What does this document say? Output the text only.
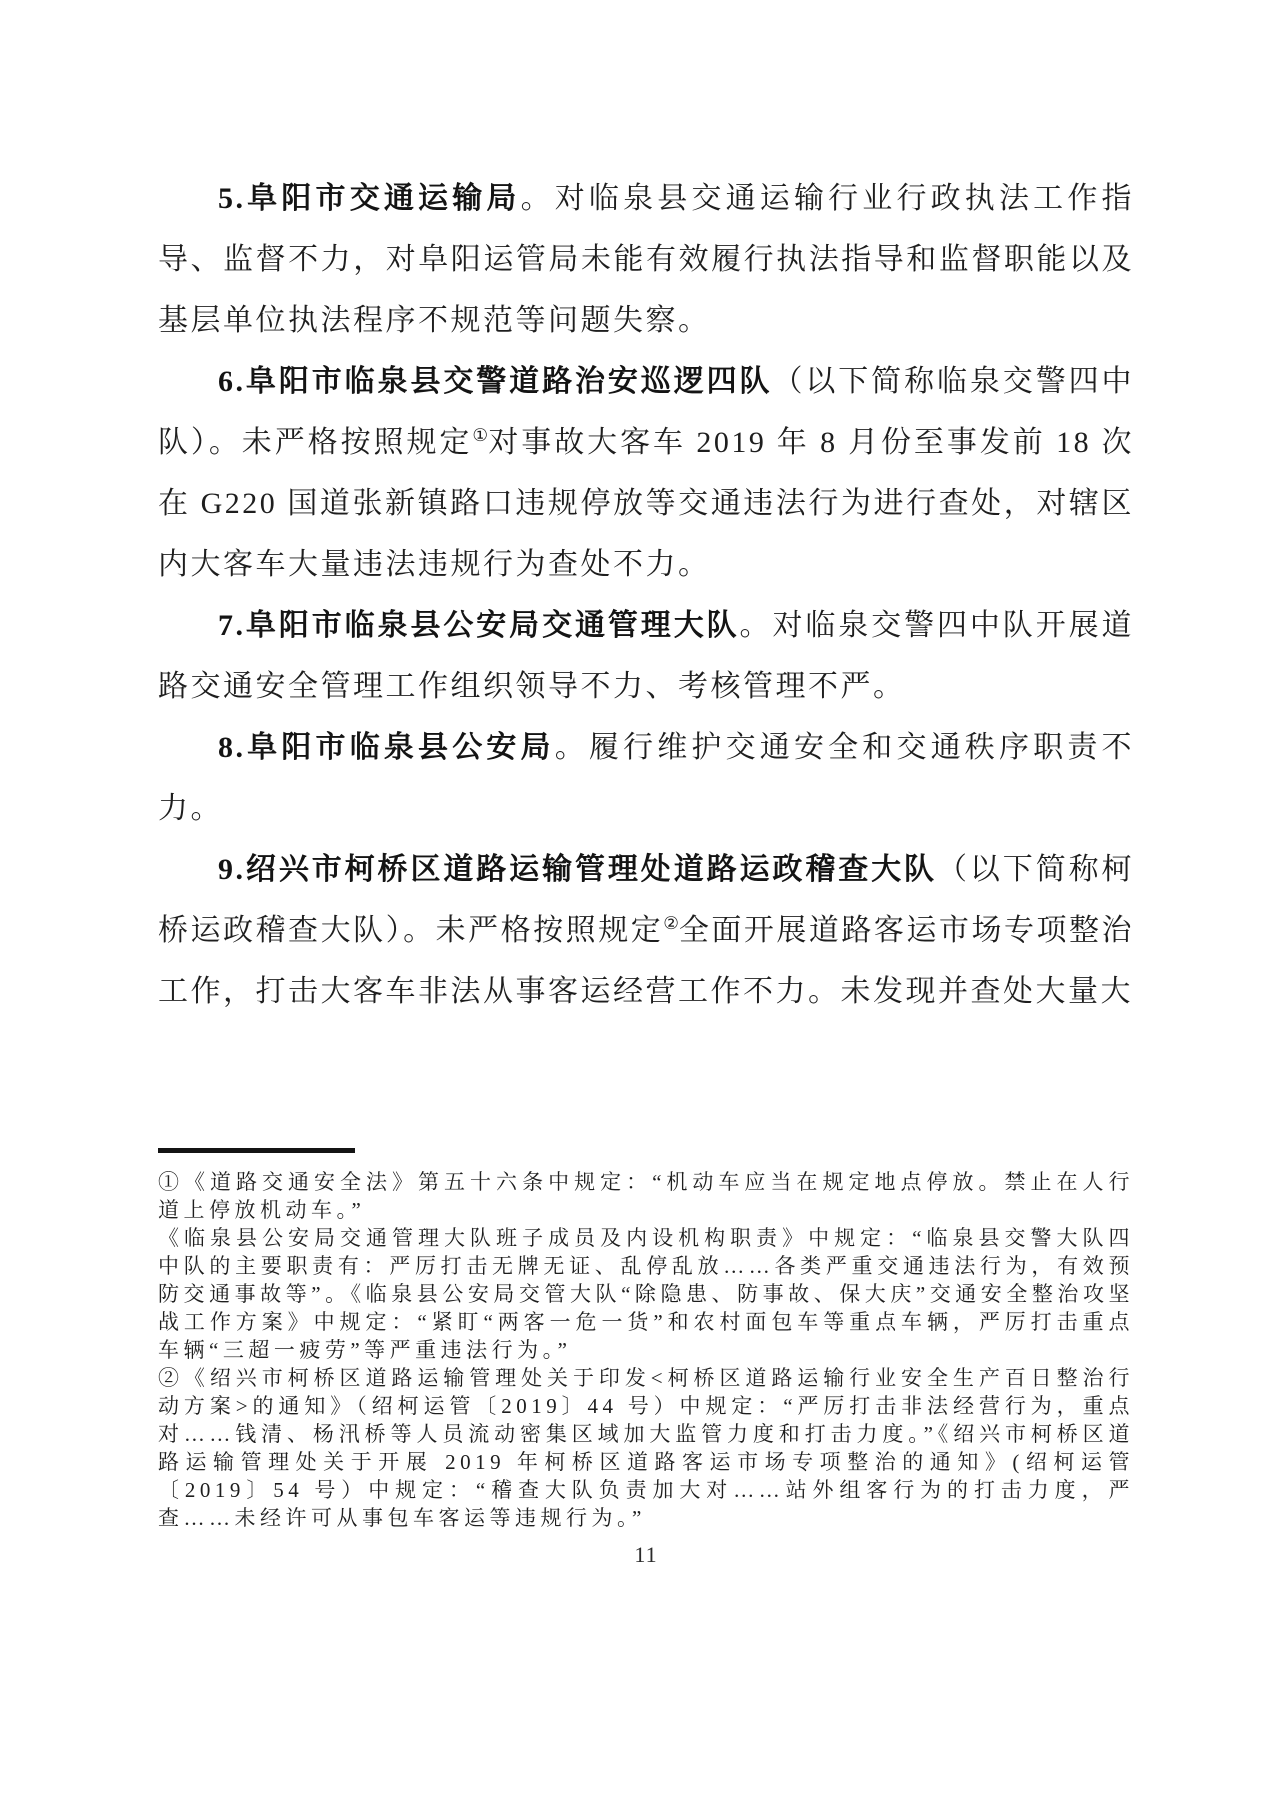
5.阜阳市交通运输局。对临泉县交通运输行业行政执法工作指导、监督不力，对阜阳运管局未能有效履行执法指导和监督职能以及基层单位执法程序不规范等问题失察。

6.阜阳市临泉县交警道路治安巡逻四队（以下简称临泉交警四中队）。未严格按照规定①对事故大客车 2019 年 8 月份至事发前 18 次在 G220 国道张新镇路口违规停放等交通违法行为进行查处，对辖区内大客车大量违法违规行为查处不力。

7.阜阳市临泉县公安局交通管理大队。对临泉交警四中队开展道路交通安全管理工作组织领导不力、考核管理不严。

8.阜阳市临泉县公安局。履行维护交通安全和交通秩序职责不力。

9.绍兴市柯桥区道路运输管理处道路运政稽查大队（以下简称柯桥运政稽查大队）。未严格按照规定②全面开展道路客运市场专项整治工作，打击大客车非法从事客运经营工作不力。未发现并查处大量大

①《道路交通安全法》第五十六条中规定：“机动车应当在规定地点停放。禁止在人行道上停放机动车。”

《临泉县公安局交通管理大队班子成员及内设机构职责》中规定：“临泉县交警大队四中队的主要职责有：严厉打击无牌无证、乱停乱放……各类严重交通违法行为，有效预防交通事故等”。《临泉县公安局交管大队“除隐患、防事故、保大庆”交通安全整治攻坚战工作方案》中规定：“紧盯“两客一危一货”和农村面包车等重点车辆，严厉打击重点车辆“三超一疲劳”等严重违法行为。”

②《绍兴市柯桥区道路运输管理处关于印发<柯桥区道路运输行业安全生产百日整治行动方案>的通知》（绍柯运管〔2019〕44 号）中规定：“严厉打击非法经营行为，重点对……钱清、杨汛桥等人员流动密集区域加大监管力度和打击力度。”《绍兴市柯桥区道路运输管理处关于开展 2019 年柯桥区道路客运市场专项整治的通知》(绍柯运管〔2019〕54 号）中规定：“稽查大队负责加大对……站外组客行为的打击力度，严查……未经许可从事包车客运等违规行为。”

11
